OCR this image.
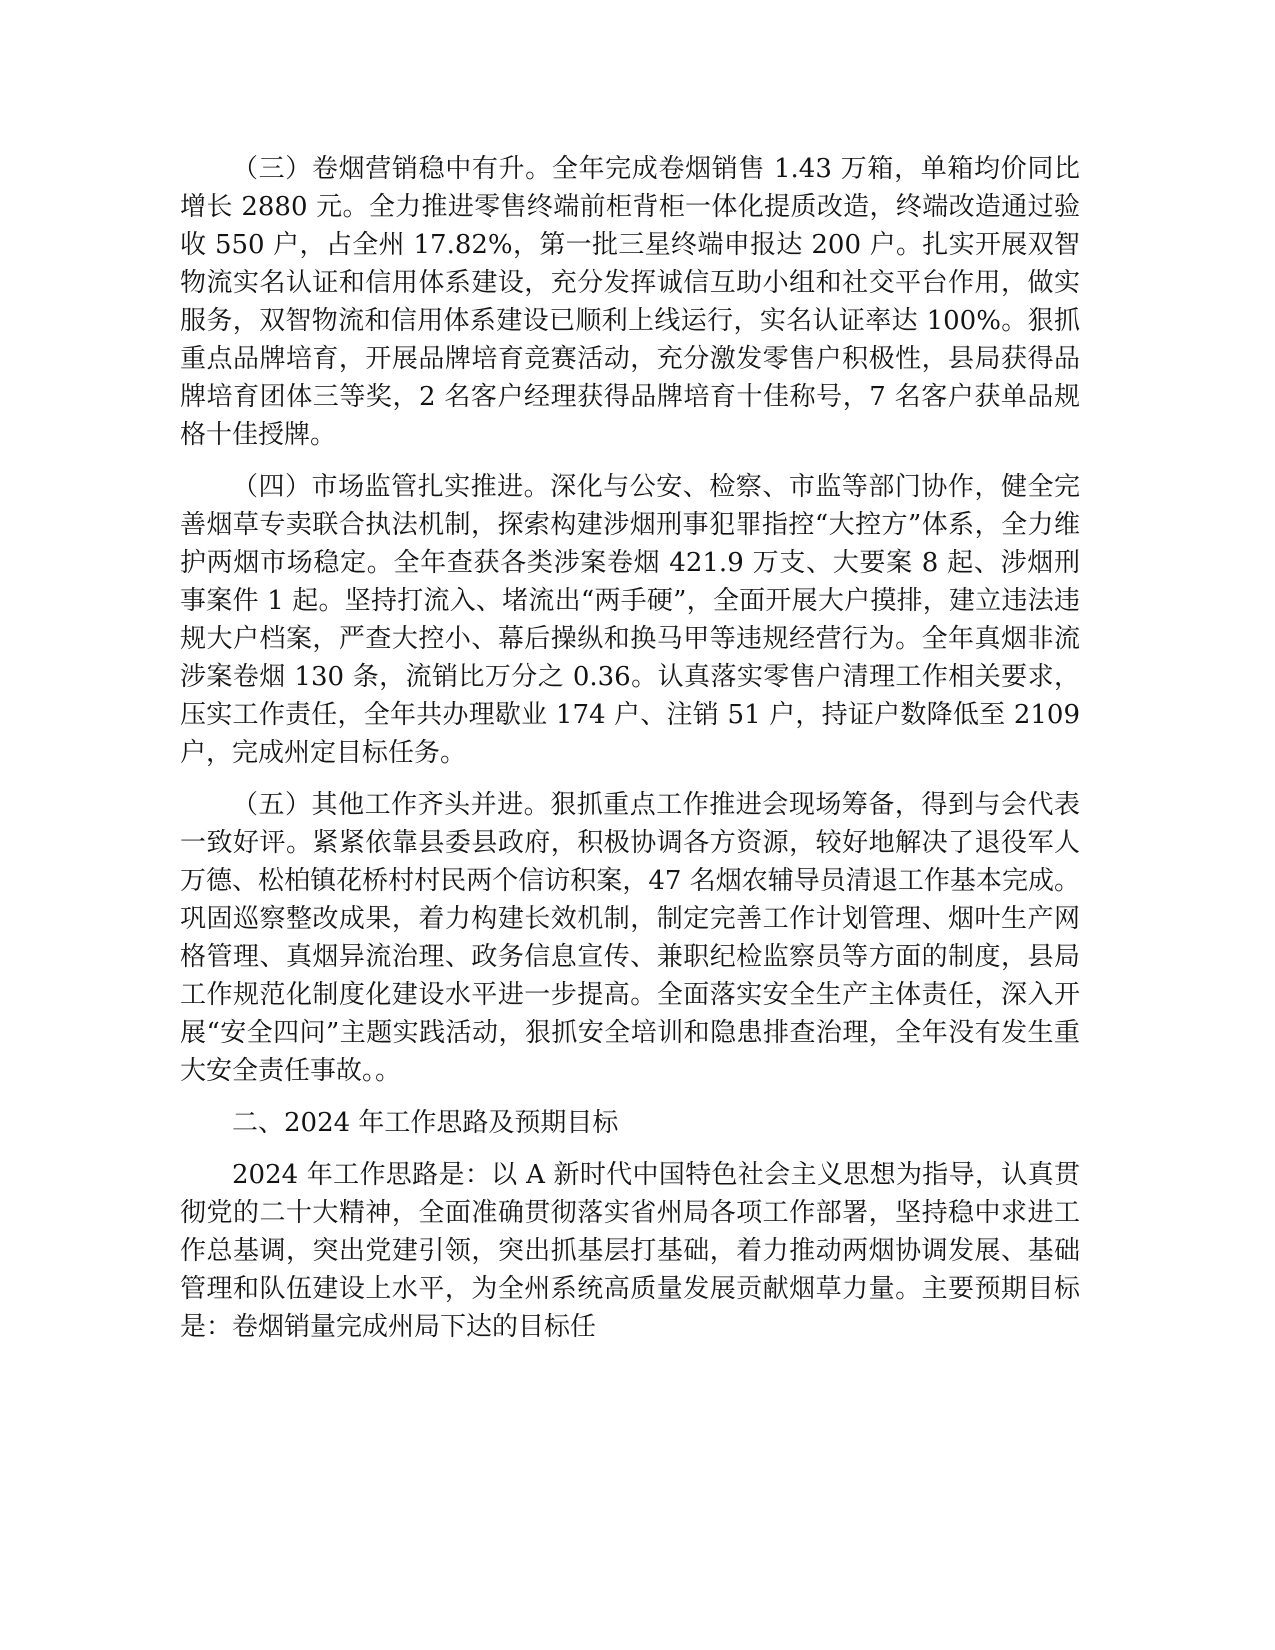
（三）卷烟营销稳中有升。全年完成卷烟销售 1.43 万箱，单箱均价同比增长 2880 元。全力推进零售终端前柜背柜一体化提质改造，终端改造通过验收 550 户，占全州 17.82%，第一批三星终端申报达 200 户。扎实开展双智物流实名认证和信用体系建设，充分发挥诚信互助小组和社交平台作用，做实服务，双智物流和信用体系建设已顺利上线运行，实名认证率达 100%。狠抓重点品牌培育，开展品牌培育竞赛活动，充分激发零售户积极性，县局获得品牌培育团体三等奖，2 名客户经理获得品牌培育十佳称号，7 名客户获单品规格十佳授牌。

（四）市场监管扎实推进。深化与公安、检察、市监等部门协作，健全完善烟草专卖联合执法机制，探索构建涉烟刑事犯罪指控“大控方”体系，全力维护两烟市场稳定。全年查获各类涉案卷烟 421.9 万支、大要案 8 起、涉烟刑事案件 1 起。坚持打流入、堵流出“两手硬”，全面开展大户摸排，建立违法违规大户档案，严查大控小、幕后操纵和换马甲等违规经营行为。全年真烟非流涉案卷烟 130 条，流销比万分之 0.36。认真落实零售户清理工作相关要求，压实工作责任，全年共办理歇业 174 户、注销 51 户，持证户数降低至 2109 户，完成州定目标任务。

（五）其他工作齐头并进。狠抓重点工作推进会现场筹备，得到与会代表一致好评。紧紧依靠县委县政府，积极协调各方资源，较好地解决了退役军人万德、松柏镇花桥村村民两个信访积案，47 名烟农辅导员清退工作基本完成。巩固巡察整改成果，着力构建长效机制，制定完善工作计划管理、烟叶生产网格管理、真烟异流治理、政务信息宣传、兼职纪检监察员等方面的制度，县局工作规范化制度化建设水平进一步提高。全面落实安全生产主体责任，深入开展“安全四问”主题实践活动，狠抓安全培训和隐患排查治理，全年没有发生重大安全责任事故。。

二、2024 年工作思路及预期目标

2024 年工作思路是：以 A 新时代中国特色社会主义思想为指导，认真贯彻党的二十大精神，全面准确贯彻落实省州局各项工作部署，坚持稳中求进工作总基调，突出党建引领，突出抓基层打基础，着力推动两烟协调发展、基础管理和队伍建设上水平，为全州系统高质量发展贡献烟草力量。主要预期目标是：卷烟销量完成州局下达的目标任
